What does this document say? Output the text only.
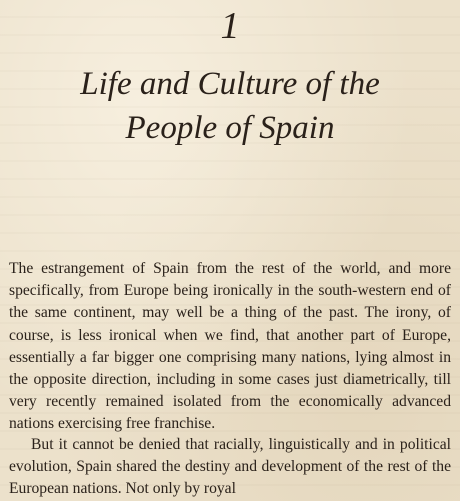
1
Life and Culture of the
People of Spain

The estrangement of Spain from the rest of the world, and more specifically, from Europe being ironically in the south-western end of the same continent, may well be a thing of the past. The irony, of course, is less ironical when we find, that another part of Europe, essentially a far bigger one comprising many nations, lying almost in the opposite direction, including in some cases just diametrically, till very recently remained isolated from the economically advanced nations exercising free franchise.

But it cannot be denied that racially, linguistically and in political evolution, Spain shared the destiny and development of the rest of the European nations. Not only by royal
